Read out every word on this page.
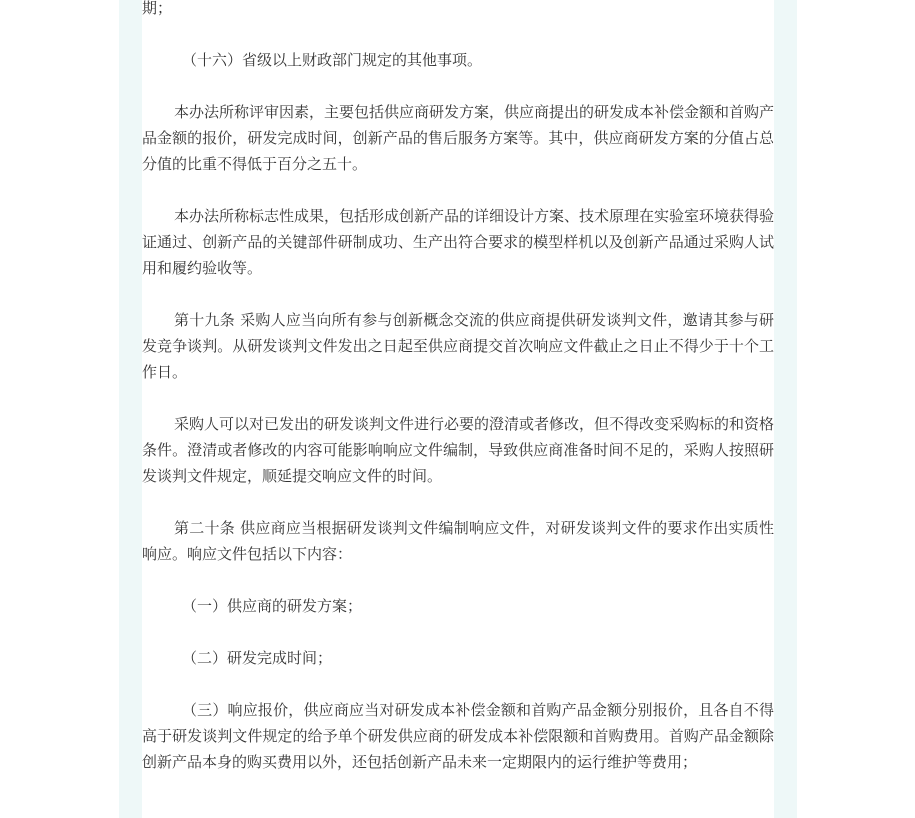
期；

（十六）省级以上财政部门规定的其他事项。

本办法所称评审因素，主要包括供应商研发方案，供应商提出的研发成本补偿金额和首购产品金额的报价，研发完成时间，创新产品的售后服务方案等。其中，供应商研发方案的分值占总分值的比重不得低于百分之五十。

本办法所称标志性成果，包括形成创新产品的详细设计方案、技术原理在实验室环境获得验证通过、创新产品的关键部件研制成功、生产出符合要求的模型样机以及创新产品通过采购人试用和履约验收等。

第十九条 采购人应当向所有参与创新概念交流的供应商提供研发谈判文件，邀请其参与研发竞争谈判。从研发谈判文件发出之日起至供应商提交首次响应文件截止之日止不得少于十个工作日。

采购人可以对已发出的研发谈判文件进行必要的澄清或者修改，但不得改变采购标的和资格条件。澄清或者修改的内容可能影响响应文件编制，导致供应商准备时间不足的，采购人按照研发谈判文件规定，顺延提交响应文件的时间。

第二十条 供应商应当根据研发谈判文件编制响应文件，对研发谈判文件的要求作出实质性响应。响应文件包括以下内容：

（一）供应商的研发方案；

（二）研发完成时间；

（三）响应报价，供应商应当对研发成本补偿金额和首购产品金额分别报价，且各自不得高于研发谈判文件规定的给予单个研发供应商的研发成本补偿限额和首购费用。首购产品金额除创新产品本身的购买费用以外，还包括创新产品未来一定期限内的运行维护等费用；
